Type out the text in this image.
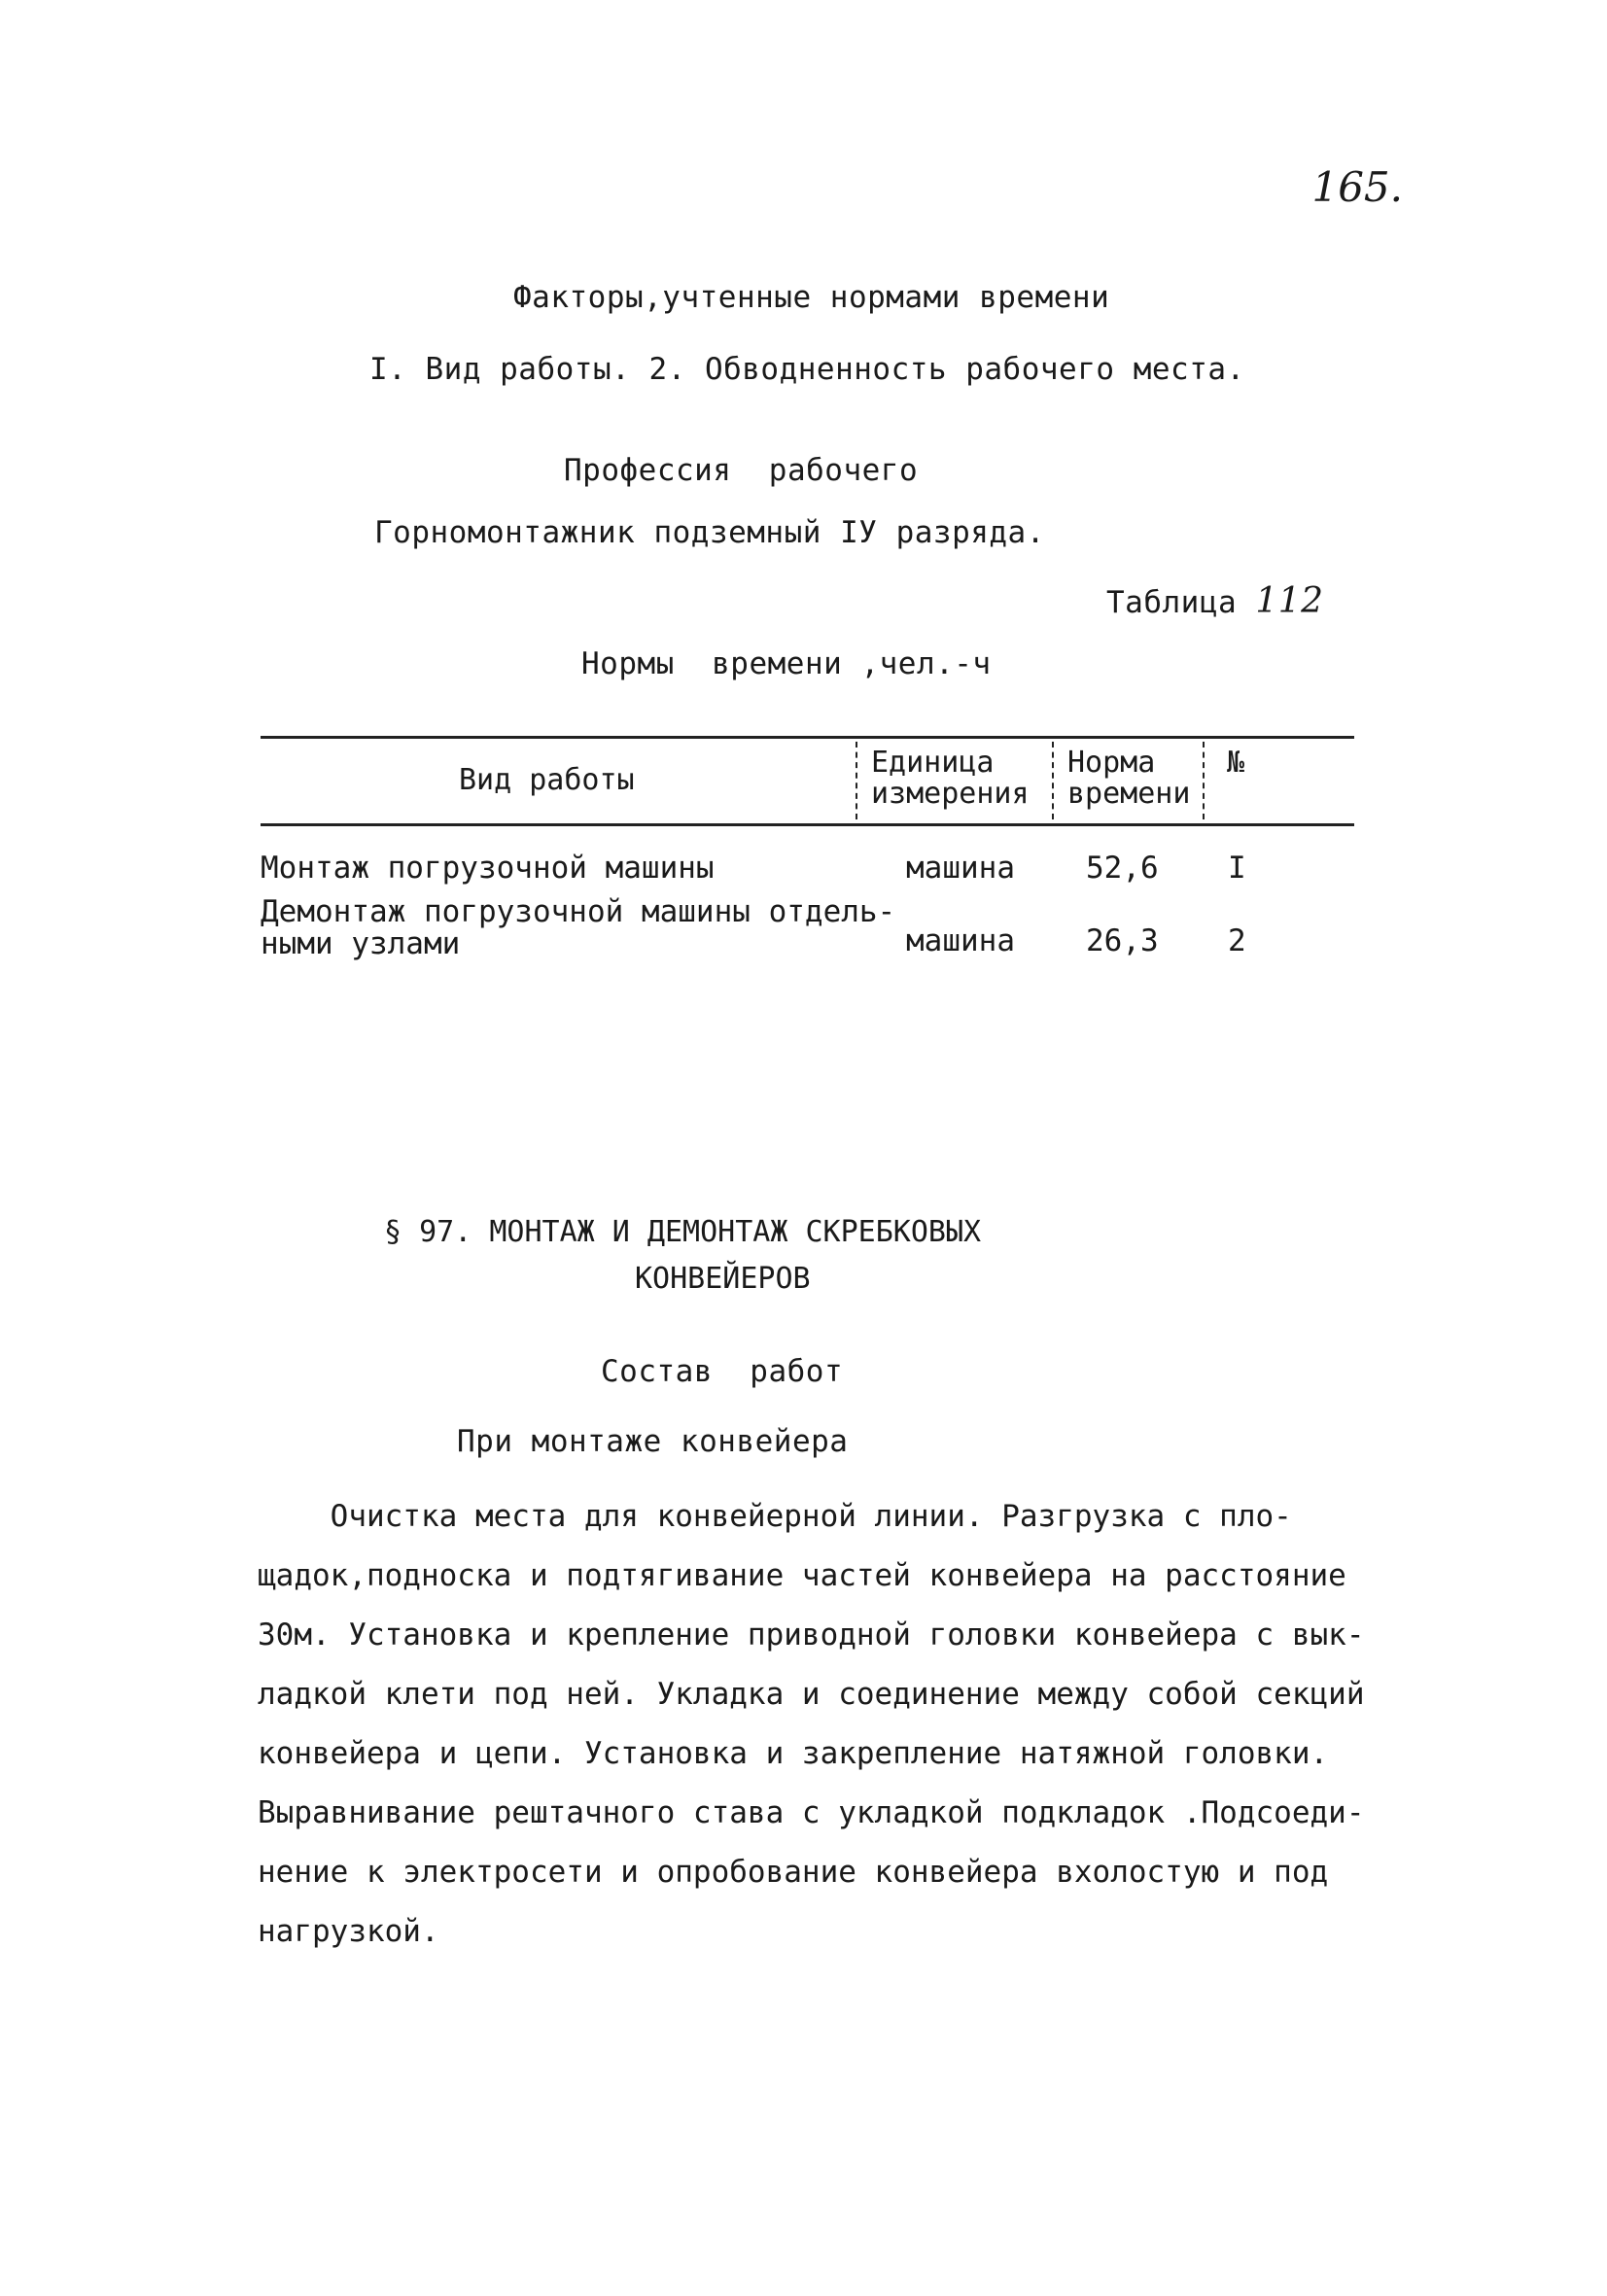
165.
Факторы,учтенные нормами времени
I. Вид работы. 2. Обводненность рабочего места.
Профессия  рабочего
Горномонтажник подземный IУ разряда.
Таблица 112
Нормы  времени ,чел.-ч
Вид работы
Единица
измерения
Норма
времени
№
Монтаж погрузочной машины	машина 52,6 I
Демонтаж погрузочной машины отдель-
ными узлами	машина 26,3 2
§ 97. МОНТАЖ И ДЕМОНТАЖ СКРЕБКОВЫХ
КОНВЕЙЕРОВ
Состав  работ
При монтаже конвейера
Очистка места для конвейерной линии. Разгрузка с пло-
щадок,подноска и подтягивание частей конвейера на расстояние
30м. Установка и крепление приводной головки конвейера с вык-
ладкой клети под ней. Укладка и соединение между собой секций
конвейера и цепи. Установка и закрепление натяжной головки.
Выравнивание рештачного става с укладкой подкладок .Подсоеди-
нение к электросети и опробование конвейера вхолостую и под
нагрузкой.
